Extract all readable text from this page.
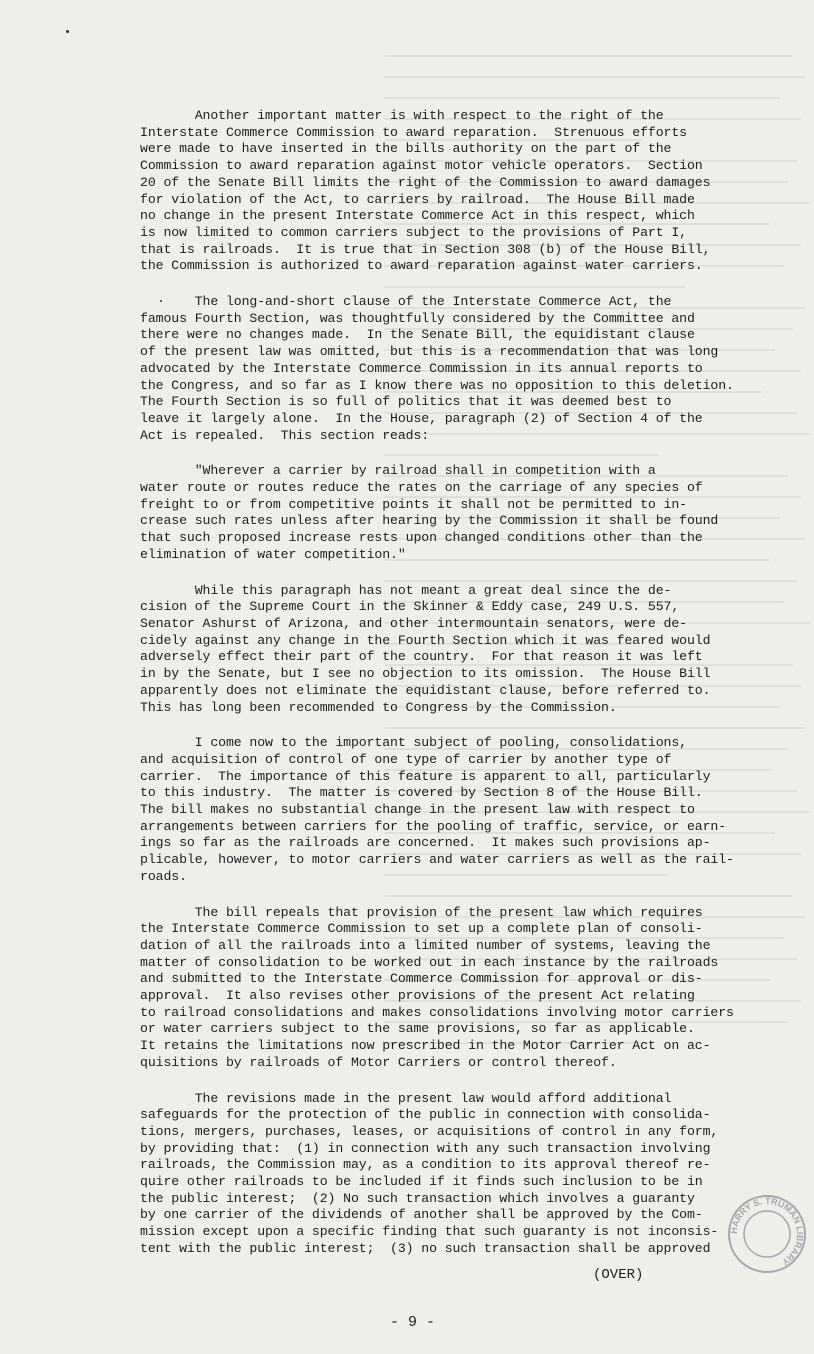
Another important matter is with respect to the right of the
Interstate Commerce Commission to award reparation.  Strenuous efforts
were made to have inserted in the bills authority on the part of the
Commission to award reparation against motor vehicle operators.  Section
20 of the Senate Bill limits the right of the Commission to award damages
for violation of the Act, to carriers by railroad.  The House Bill made
no change in the present Interstate Commerce Act in this respect, which
is now limited to common carriers subject to the provisions of Part I,
that is railroads.  It is true that in Section 308 (b) of the House Bill,
the Commission is authorized to award reparation against water carriers.

The long-and-short clause of the Interstate Commerce Act, the
famous Fourth Section, was thoughtfully considered by the Committee and
there were no changes made.  In the Senate Bill, the equidistant clause
of the present law was omitted, but this is a recommendation that was long
advocated by the Interstate Commerce Commission in its annual reports to
the Congress, and so far as I know there was no opposition to this deletion.
The Fourth Section is so full of politics that it was deemed best to
leave it largely alone.  In the House, paragraph (2) of Section 4 of the
Act is repealed.  This section reads:

"Wherever a carrier by railroad shall in competition with a
water route or routes reduce the rates on the carriage of any species of
freight to or from competitive points it shall not be permitted to in-
crease such rates unless after hearing by the Commission it shall be found
that such proposed increase rests upon changed conditions other than the
elimination of water competition."

While this paragraph has not meant a great deal since the de-
cision of the Supreme Court in the Skinner & Eddy case, 249 U.S. 557,
Senator Ashurst of Arizona, and other intermountain senators, were de-
cidely against any change in the Fourth Section which it was feared would
adversely effect their part of the country.  For that reason it was left
in by the Senate, but I see no objection to its omission.  The House Bill
apparently does not eliminate the equidistant clause, before referred to.
This has long been recommended to Congress by the Commission.

I come now to the important subject of pooling, consolidations,
and acquisition of control of one type of carrier by another type of
carrier.  The importance of this feature is apparent to all, particularly
to this industry.  The matter is covered by Section 8 of the House Bill.
The bill makes no substantial change in the present law with respect to
arrangements between carriers for the pooling of traffic, service, or earn-
ings so far as the railroads are concerned.  It makes such provisions ap-
plicable, however, to motor carriers and water carriers as well as the rail-
roads.

The bill repeals that provision of the present law which requires
the Interstate Commerce Commission to set up a complete plan of consoli-
dation of all the railroads into a limited number of systems, leaving the
matter of consolidation to be worked out in each instance by the railroads
and submitted to the Interstate Commerce Commission for approval or dis-
approval.  It also revises other provisions of the present Act relating
to railroad consolidations and makes consolidations involving motor carriers
or water carriers subject to the same provisions, so far as applicable.
It retains the limitations now prescribed in the Motor Carrier Act on ac-
quisitions by railroads of Motor Carriers or control thereof.

The revisions made in the present law would afford additional
safeguards for the protection of the public in connection with consolida-
tions, mergers, purchases, leases, or acquisitions of control in any form,
by providing that:  (1) in connection with any such transaction involving
railroads, the Commission may, as a condition to its approval thereof re-
quire other railroads to be included if it finds such inclusion to be in
the public interest;  (2) No such transaction which involves a guaranty
by one carrier of the dividends of another shall be approved by the Com-
mission except upon a specific finding that such guaranty is not inconsis-
tent with the public interest;  (3) no such transaction shall be approved

HARRY S. TRUMAN LIBRARY
(OVER)
- 9 -
